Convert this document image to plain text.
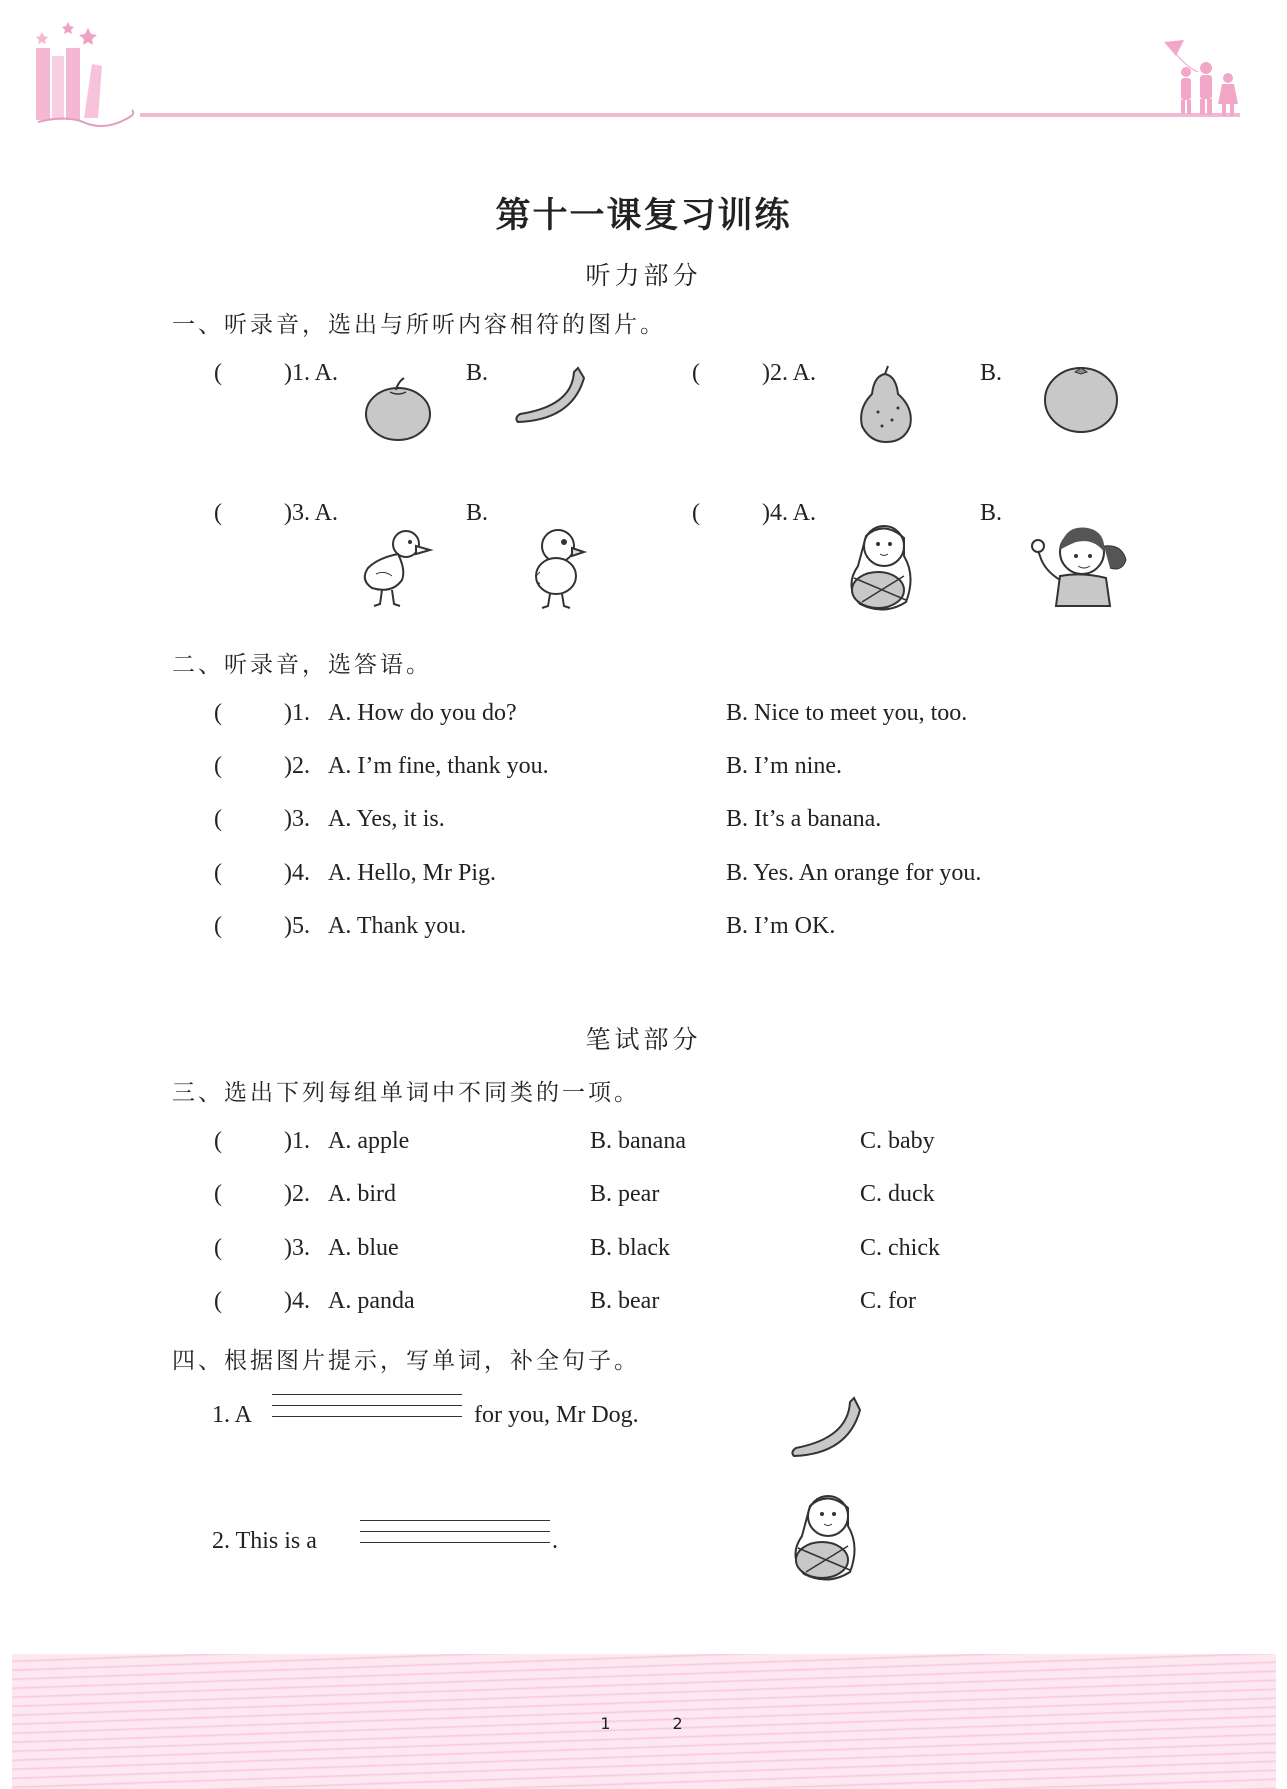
第十一课复习训练
听力部分
一、听录音，选出与所听内容相符的图片。
(	)1. A.	B.	(	)2. A.	B.
(	)3. A.	B.	(	)4. A.	B.
二、听录音，选答语。
(	)1. A. How do you do?	B. Nice to meet you, too.
(	)2. A. I’m fine, thank you.	B. I’m nine.
(	)3. A. Yes, it is.	B. It’s a banana.
(	)4. A. Hello, Mr Pig.	B. Yes. An orange for you.
(	)5. A. Thank you.	B. I’m OK.
笔试部分
三、选出下列每组单词中不同类的一项。
(	)1. A. apple	B. banana	C. baby
(	)2. A. bird	B. pear	C. duck
(	)3. A. blue	B. black	C. chick
(	)4. A. panda	B. bear	C. for
四、根据图片提示，写单词，补全句子。
1. A	for you, Mr Dog.
2. This is a	.
1	2
